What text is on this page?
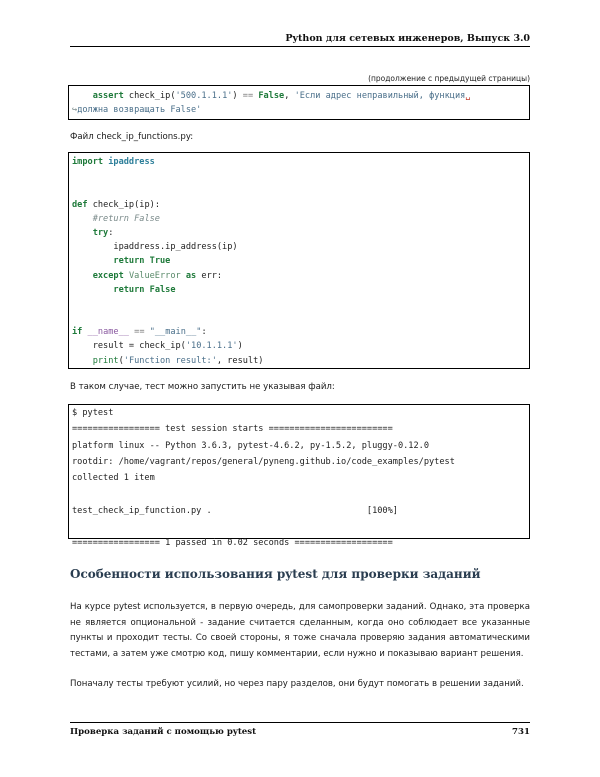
Python для сетевых инженеров, Выпуск 3.0
(продолжение с предыдущей страницы)
assert check_ip('500.1.1.1') == False, 'Если адрес неправильный, функция␣
↪должна возвращать False'
Файл check_ip_functions.py:
import ipaddress
def check_ip(ip):
#return False
try:
ipaddress.ip_address(ip)
return True
except ValueError as err:
return False
if __name__ == "__main__":
result = check_ip('10.1.1.1')
print('Function result:', result)
В таком случае, тест можно запустить не указывая файл:
$ pytest
================= test session starts ========================
platform linux -- Python 3.6.3, pytest-4.6.2, py-1.5.2, pluggy-0.12.0
rootdir: /home/vagrant/repos/general/pyneng.github.io/code_examples/pytest
collected 1 item
test_check_ip_function.py .                              [100%]
================= 1 passed in 0.02 seconds ===================
Особенности использования pytest для проверки заданий
На курсе pytest используется, в первую очередь, для самопроверки заданий. Однако, эта проверка не является опциональной - задание считается сделанным, когда оно соблюдает все указанные пункты и проходит тесты. Со своей стороны, я тоже сначала проверяю задания автоматическими тестами, а затем уже смотрю код, пишу комментарии, если нужно и показываю вариант решения.
Поначалу тесты требуют усилий, но через пару разделов, они будут помогать в решении заданий.
Проверка заданий с помощью pytest	731
